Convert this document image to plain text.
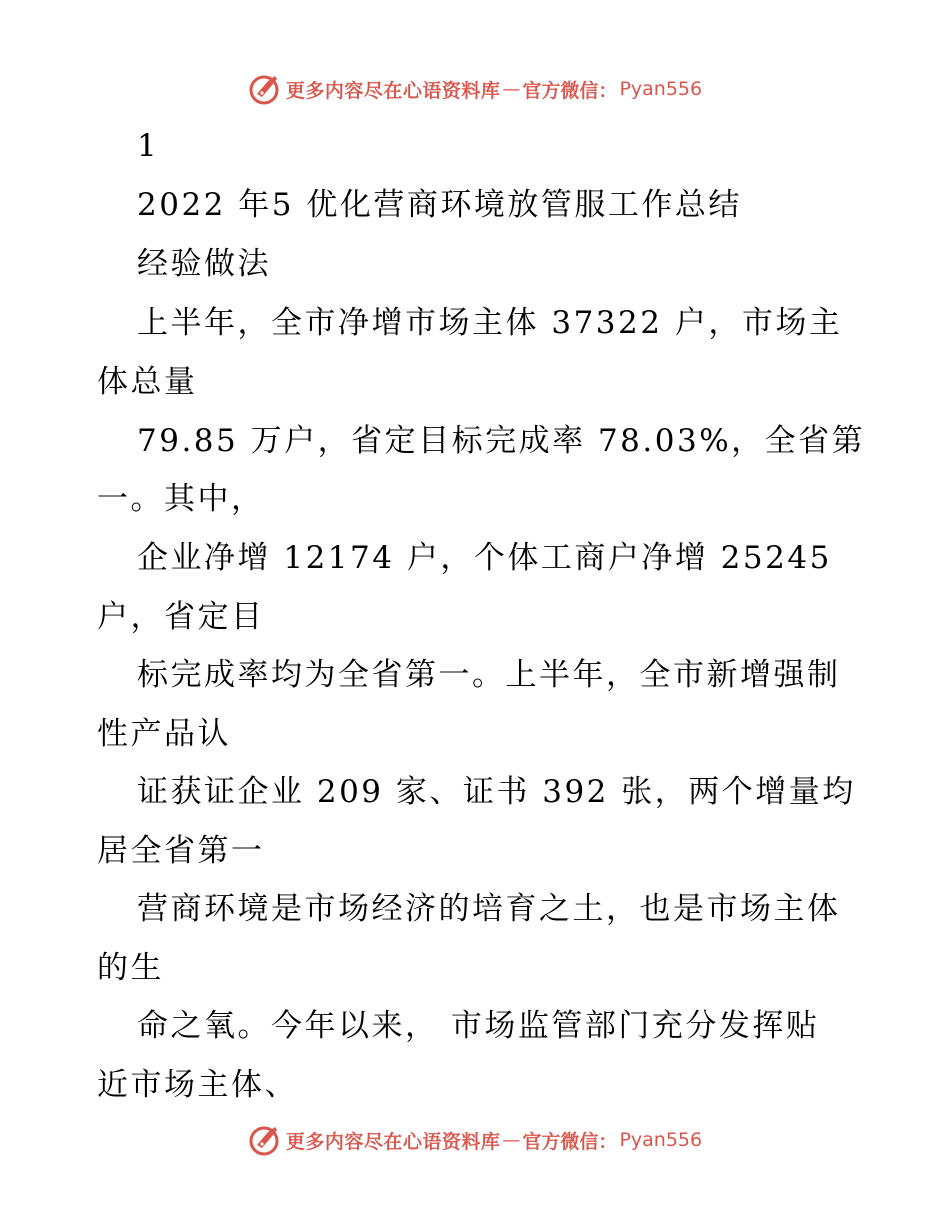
更多内容尽在心语资料库 — 官方微信： Pyan556
1
2022 年5 优化营商环境放管服工作总结
经验做法
上半年，全市净增市场主体 37322 户，市场主
体总量
79.85 万户，省定目标完成率 78.03%，全省第
一。其中，
企业净增 12174 户，个体工商户净增 25245
户，省定目
标完成率均为全省第一。上半年，全市新增强制
性产品认
证获证企业 209 家、证书 392 张，两个增量均
居全省第一
营商环境是市场经济的培育之土，也是市场主体
的生
命之氧。今年以来， 市场监管部门充分发挥贴
近市场主体、
更多内容尽在心语资料库 — 官方微信： Pyan556
